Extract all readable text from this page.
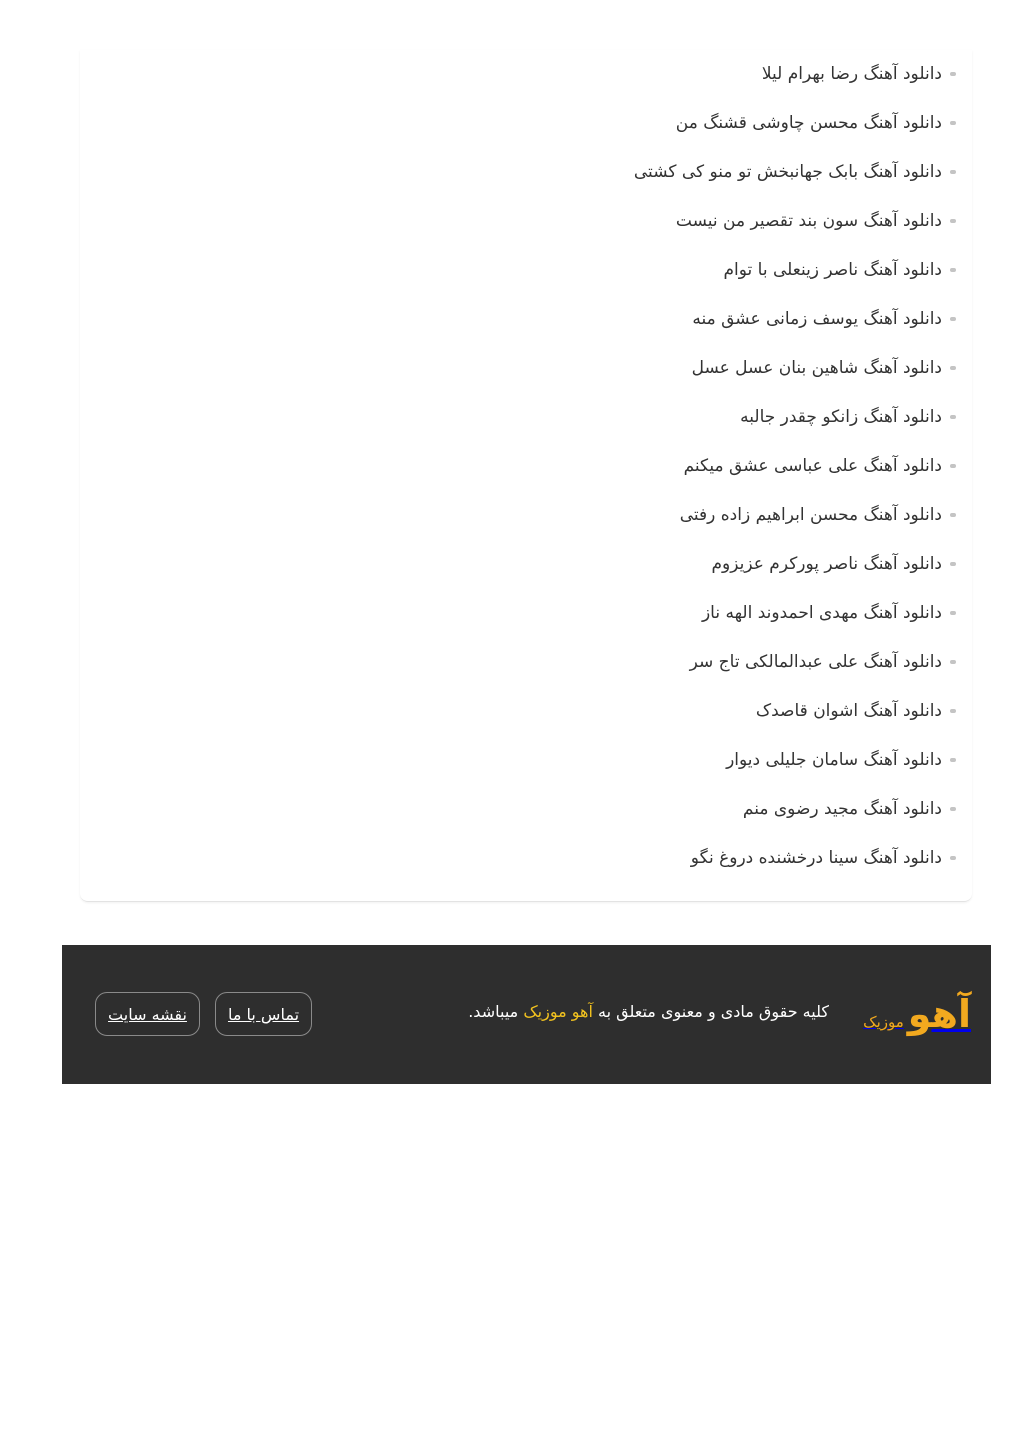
دانلود آهنگ رضا بهرام لیلا
دانلود آهنگ محسن چاوشی قشنگ من
دانلود آهنگ بابک جهانبخش تو منو کی کشتی
دانلود آهنگ سون بند تقصیر من نیست
دانلود آهنگ ناصر زینعلی با توام
دانلود آهنگ یوسف زمانی عشق منه
دانلود آهنگ شاهین بنان عسل عسل
دانلود آهنگ زانکو چقدر جالبه
دانلود آهنگ علی عباسی عشق میکنم
دانلود آهنگ محسن ابراهیم زاده رفتی
دانلود آهنگ ناصر پورکرم عزیزوم
دانلود آهنگ مهدی احمدوند الهه ناز
دانلود آهنگ علی عبدالمالکی تاج سر
دانلود آهنگ اشوان قاصدک
دانلود آهنگ سامان جلیلی دیوار
دانلود آهنگ مجید رضوی منم
دانلود آهنگ سینا درخشنده دروغ نگو
آهو
موزیک
کلیه حقوق مادی و معنوی متعلق به آهو موزیک میباشد.
تماس با ما
نقشه سایت
